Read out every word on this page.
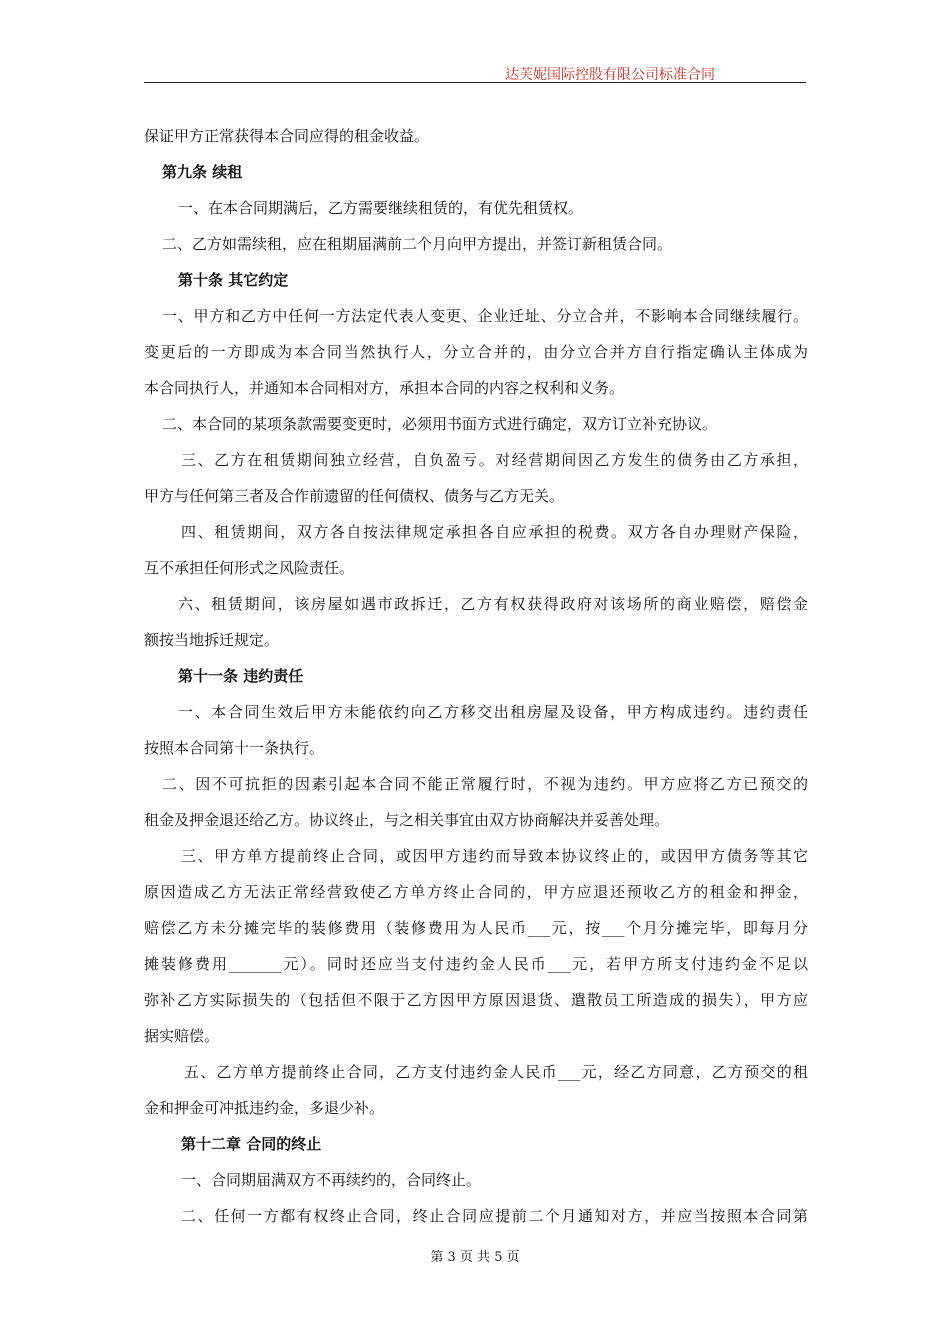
达芙妮国际控股有限公司标准合同
保证甲方正常获得本合同应得的租金收益。
第九条 续租
一、在本合同期满后，乙方需要继续租赁的，有优先租赁权。
二、乙方如需续租，应在租期届满前二个月向甲方提出，并签订新租赁合同。
第十条 其它约定
一、甲方和乙方中任何一方法定代表人变更、企业迁址、分立合并，不影响本合同继续履行。
变更后的一方即成为本合同当然执行人，分立合并的，由分立合并方自行指定确认主体成为
本合同执行人，并通知本合同相对方，承担本合同的内容之权利和义务。
二、本合同的某项条款需要变更时，必须用书面方式进行确定，双方订立补充协议。
三、乙方在租赁期间独立经营，自负盈亏。对经营期间因乙方发生的债务由乙方承担，
甲方与任何第三者及合作前遗留的任何债权、债务与乙方无关。
四、租赁期间，双方各自按法律规定承担各自应承担的税费。双方各自办理财产保险，
互不承担任何形式之风险责任。
六、租赁期间，该房屋如遇市政拆迁，乙方有权获得政府对该场所的商业赔偿，赔偿金
额按当地拆迁规定。
第十一条 违约责任
一、本合同生效后甲方未能依约向乙方移交出租房屋及设备，甲方构成违约。违约责任
按照本合同第十一条执行。
二、因不可抗拒的因素引起本合同不能正常履行时，不视为违约。甲方应将乙方已预交的
租金及押金退还给乙方。协议终止，与之相关事宜由双方协商解决并妥善处理。
三、甲方单方提前终止合同，或因甲方违约而导致本协议终止的，或因甲方债务等其它
原因造成乙方无法正常经营致使乙方单方终止合同的，甲方应退还预收乙方的租金和押金，
赔偿乙方未分摊完毕的装修费用（装修费用为人民币___元，按___个月分摊完毕，即每月分
摊装修费用_______元）。同时还应当支付违约金人民币___元，若甲方所支付违约金不足以
弥补乙方实际损失的（包括但不限于乙方因甲方原因退货、遣散员工所造成的损失），甲方应
据实赔偿。
五、乙方单方提前终止合同，乙方支付违约金人民币___元，经乙方同意，乙方预交的租
金和押金可冲抵违约金，多退少补。
第十二章 合同的终止
一、合同期届满双方不再续约的，合同终止。
二、任何一方都有权终止合同，终止合同应提前二个月通知对方，并应当按照本合同第
第 3 页 共 5 页
